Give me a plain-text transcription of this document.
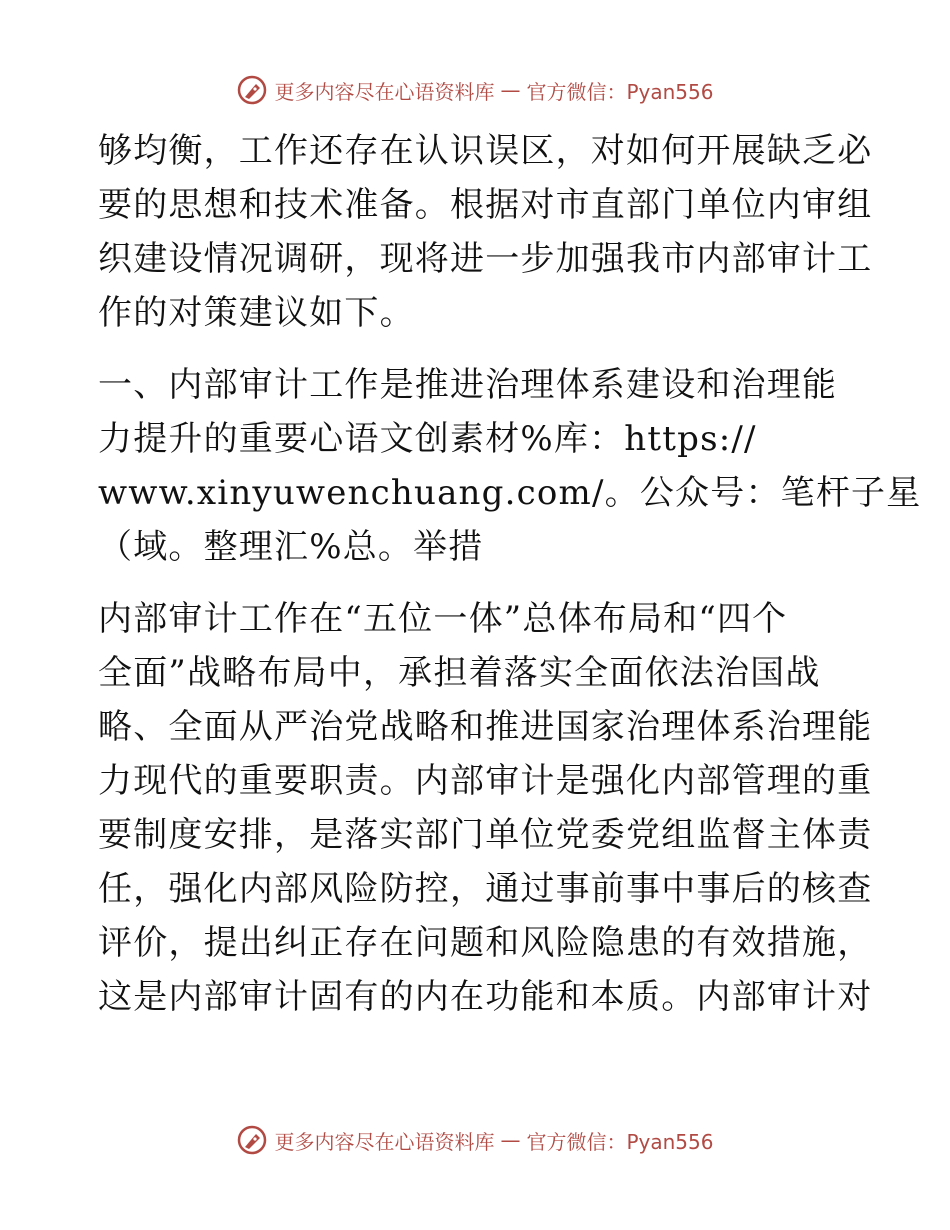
更多内容尽在心语资料库 — 官方微信：Pyan556
够均衡，工作还存在认识误区，对如何开展缺乏必
要的思想和技术准备。根据对市直部门单位内审组
织建设情况调研，现将进一步加强我市内部审计工
作的对策建议如下。
一、内部审计工作是推进治理体系建设和治理能
力提升的重要心语文创素材%库：https://
www.xinyuwenchuang.com/。公众号：笔杆子星
（域。整理汇%总。举措
内部审计工作在“五位一体”总体布局和“四个
全面”战略布局中，承担着落实全面依法治国战
略、全面从严治党战略和推进国家治理体系治理能
力现代的重要职责。内部审计是强化内部管理的重
要制度安排，是落实部门单位党委党组监督主体责
任，强化内部风险防控，通过事前事中事后的核查
评价，提出纠正存在问题和风险隐患的有效措施，
这是内部审计固有的内在功能和本质。内部审计对
更多内容尽在心语资料库 — 官方微信：Pyan556
